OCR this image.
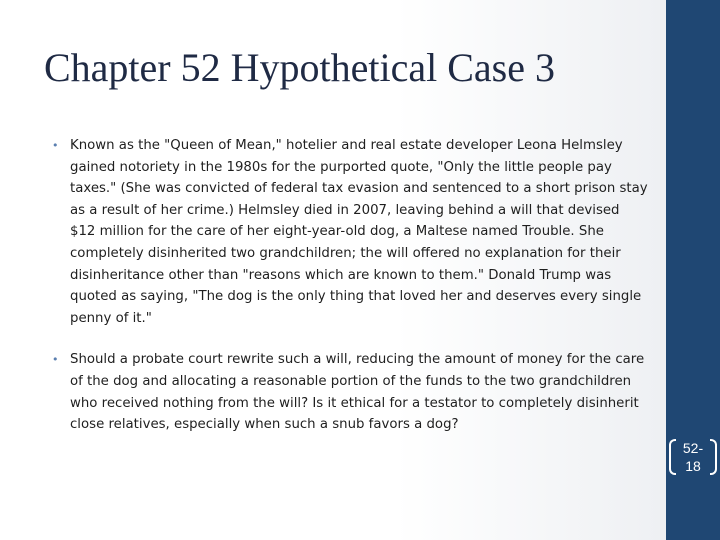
Chapter 52 Hypothetical Case 3

• Known as the "Queen of Mean," hotelier and real estate developer Leona Helmsley gained notoriety in the 1980s for the purported quote, "Only the little people pay taxes." (She was convicted of federal tax evasion and sentenced to a short prison stay as a result of her crime.) Helmsley died in 2007, leaving behind a will that devised $12 million for the care of her eight-year-old dog, a Maltese named Trouble. She completely disinherited two grandchildren; the will offered no explanation for their disinheritance other than "reasons which are known to them." Donald Trump was quoted as saying, "The dog is the only thing that loved her and deserves every single penny of it."

• Should a probate court rewrite such a will, reducing the amount of money for the care of the dog and allocating a reasonable portion of the funds to the two grandchildren who received nothing from the will? Is it ethical for a testator to completely disinherit close relatives, especially when such a snub favors a dog?

52-18
